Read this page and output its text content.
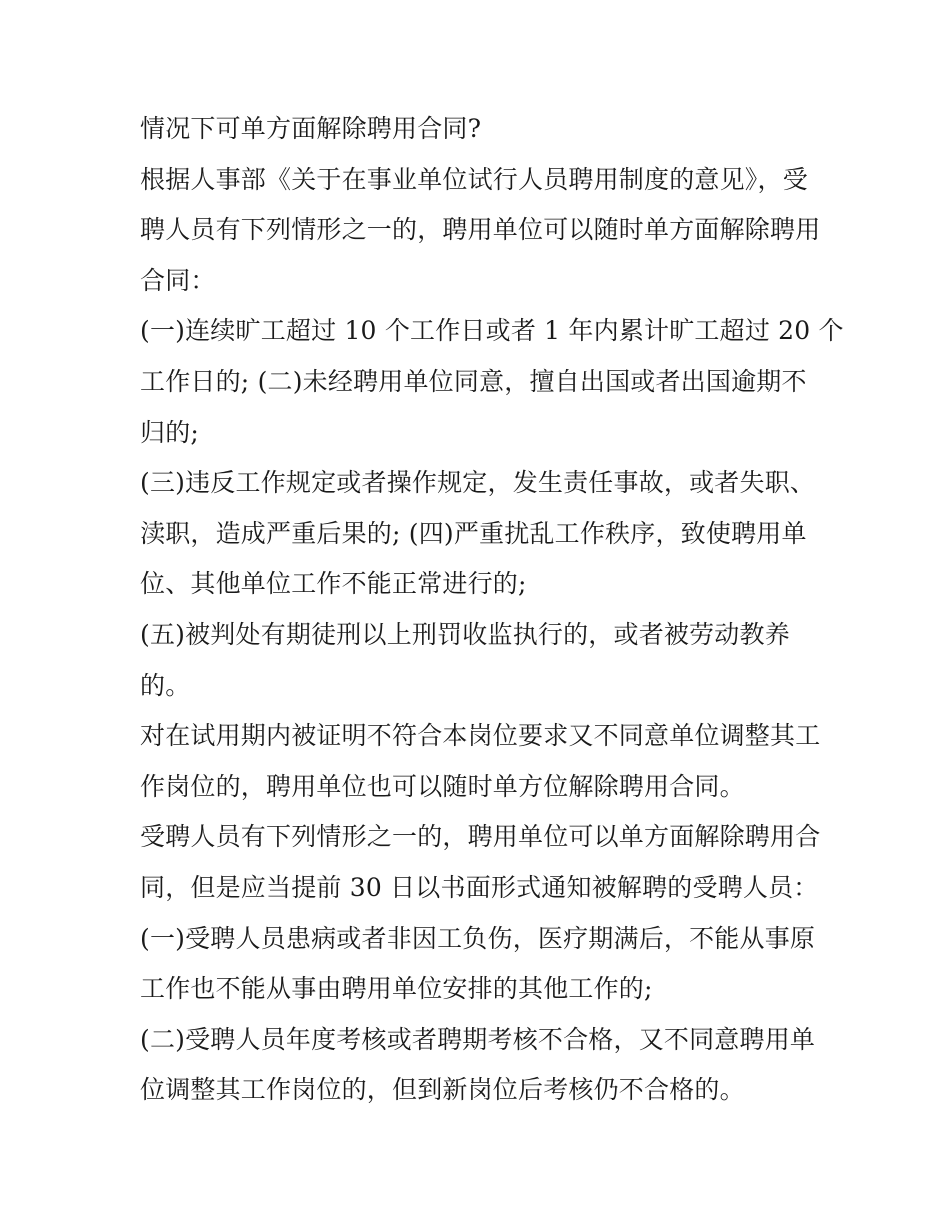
情况下可单方面解除聘用合同?
根据人事部《关于在事业单位试行人员聘用制度的意见》，受
聘人员有下列情形之一的，聘用单位可以随时单方面解除聘用
合同：
(一)连续旷工超过 10 个工作日或者 1 年内累计旷工超过 20 个
工作日的; (二)未经聘用单位同意，擅自出国或者出国逾期不
归的;
(三)违反工作规定或者操作规定，发生责任事故，或者失职、
渎职，造成严重后果的; (四)严重扰乱工作秩序，致使聘用单
位、其他单位工作不能正常进行的;
(五)被判处有期徒刑以上刑罚收监执行的，或者被劳动教养
的。
对在试用期内被证明不符合本岗位要求又不同意单位调整其工
作岗位的，聘用单位也可以随时单方位解除聘用合同。
受聘人员有下列情形之一的，聘用单位可以单方面解除聘用合
同，但是应当提前 30 日以书面形式通知被解聘的受聘人员：
(一)受聘人员患病或者非因工负伤，医疗期满后，不能从事原
工作也不能从事由聘用单位安排的其他工作的;
(二)受聘人员年度考核或者聘期考核不合格，又不同意聘用单
位调整其工作岗位的，但到新岗位后考核仍不合格的。
